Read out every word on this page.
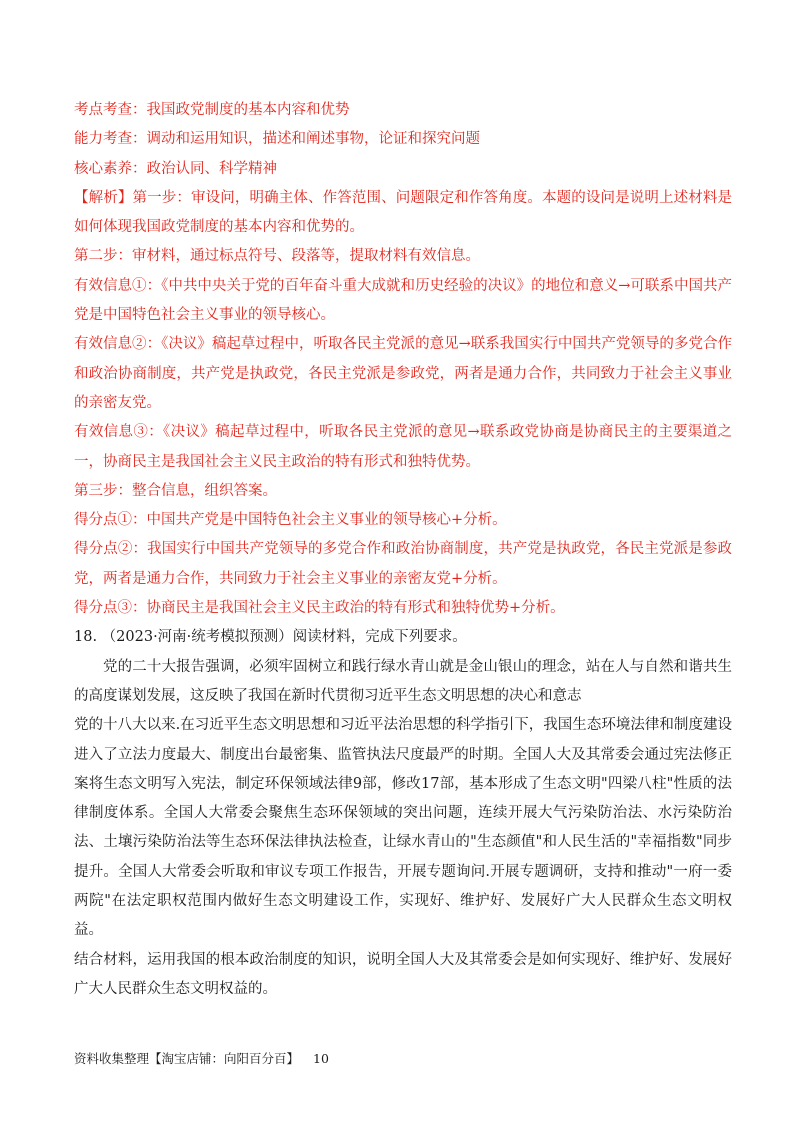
考点考查：我国政党制度的基本内容和优势

能力考查：调动和运用知识，描述和阐述事物，论证和探究问题

核心素养：政治认同、科学精神

【解析】第一步：审设问，明确主体、作答范围、问题限定和作答角度。本题的设问是说明上述材料是如何体现我国政党制度的基本内容和优势的。

第二步：审材料，通过标点符号、段落等，提取材料有效信息。

有效信息①：《中共中央关于党的百年奋斗重大成就和历史经验的决议》的地位和意义→可联系中国共产党是中国特色社会主义事业的领导核心。

有效信息②：《决议》稿起草过程中，听取各民主党派的意见→联系我国实行中国共产党领导的多党合作和政治协商制度，共产党是执政党，各民主党派是参政党，两者是通力合作，共同致力于社会主义事业的亲密友党。

有效信息③：《决议》稿起草过程中，听取各民主党派的意见→联系政党协商是协商民主的主要渠道之一，协商民主是我国社会主义民主政治的特有形式和独特优势。

第三步：整合信息，组织答案。

得分点①：中国共产党是中国特色社会主义事业的领导核心+分析。

得分点②：我国实行中国共产党领导的多党合作和政治协商制度，共产党是执政党，各民主党派是参政党，两者是通力合作，共同致力于社会主义事业的亲密友党+分析。

得分点③：协商民主是我国社会主义民主政治的特有形式和独特优势+分析。

18. （2023·河南·统考模拟预测）阅读材料，完成下列要求。

党的二十大报告强调，必须牢固树立和践行绿水青山就是金山银山的理念，站在人与自然和谐共生的高度谋划发展，这反映了我国在新时代贯彻习近平生态文明思想的决心和意志

党的十八大以来.在习近平生态文明思想和习近平法治思想的科学指引下，我国生态环境法律和制度建设进入了立法力度最大、制度出台最密集、监管执法尺度最严的时期。全国人大及其常委会通过宪法修正案将生态文明写入宪法，制定环保领域法律9部，修改17部，基本形成了生态文明"四梁八柱"性质的法律制度体系。全国人大常委会聚焦生态环保领域的突出问题，连续开展大气污染防治法、水污染防治法、土壤污染防治法等生态环保法律执法检查，让绿水青山的"生态颜值"和人民生活的"幸福指数"同步提升。全国人大常委会听取和审议专项工作报告，开展专题询问.开展专题调研，支持和推动"一府一委两院"在法定职权范围内做好生态文明建设工作，实现好、维护好、发展好广大人民群众生态文明权益。

结合材料，运用我国的根本政治制度的知识，说明全国人大及其常委会是如何实现好、维护好、发展好广大人民群众生态文明权益的。

资料收集整理【淘宝店铺：向阳百分百】 10
